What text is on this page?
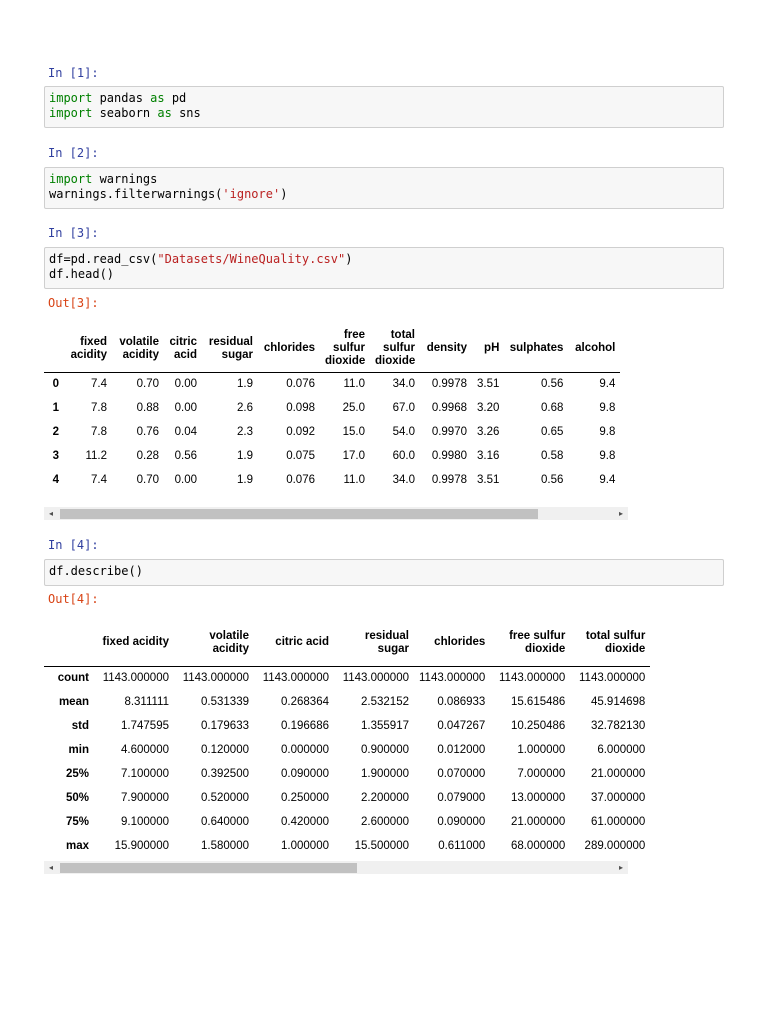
In [1]:
import pandas as pd
import seaborn as sns
In [2]:
import warnings
warnings.filterwarnings('ignore')
In [3]:
df=pd.read_csv("Datasets/WineQuality.csv")
df.head()
Out[3]:
	fixed acidity	volatile acidity	citric acid	residual sugar	chlorides	free sulfur dioxide	total sulfur dioxide	density	pH	sulphates	alcohol
0	7.4	0.70	0.00	1.9	0.076	11.0	34.0	0.9978	3.51	0.56	9.4
1	7.8	0.88	0.00	2.6	0.098	25.0	67.0	0.9968	3.20	0.68	9.8
2	7.8	0.76	0.04	2.3	0.092	15.0	54.0	0.9970	3.26	0.65	9.8
3	11.2	0.28	0.56	1.9	0.075	17.0	60.0	0.9980	3.16	0.58	9.8
4	7.4	0.70	0.00	1.9	0.076	11.0	34.0	0.9978	3.51	0.56	9.4
◂	▸
In [4]:
df.describe()
Out[4]:
	fixed acidity	volatile acidity	citric acid	residual sugar	chlorides	free sulfur dioxide	total sulfur dioxide
count	1143.000000	1143.000000	1143.000000	1143.000000	1143.000000	1143.000000	1143.000000
mean	8.311111	0.531339	0.268364	2.532152	0.086933	15.615486	45.914698
std	1.747595	0.179633	0.196686	1.355917	0.047267	10.250486	32.782130
min	4.600000	0.120000	0.000000	0.900000	0.012000	1.000000	6.000000
25%	7.100000	0.392500	0.090000	1.900000	0.070000	7.000000	21.000000
50%	7.900000	0.520000	0.250000	2.200000	0.079000	13.000000	37.000000
75%	9.100000	0.640000	0.420000	2.600000	0.090000	21.000000	61.000000
max	15.900000	1.580000	1.000000	15.500000	0.611000	68.000000	289.000000
◂	▸
